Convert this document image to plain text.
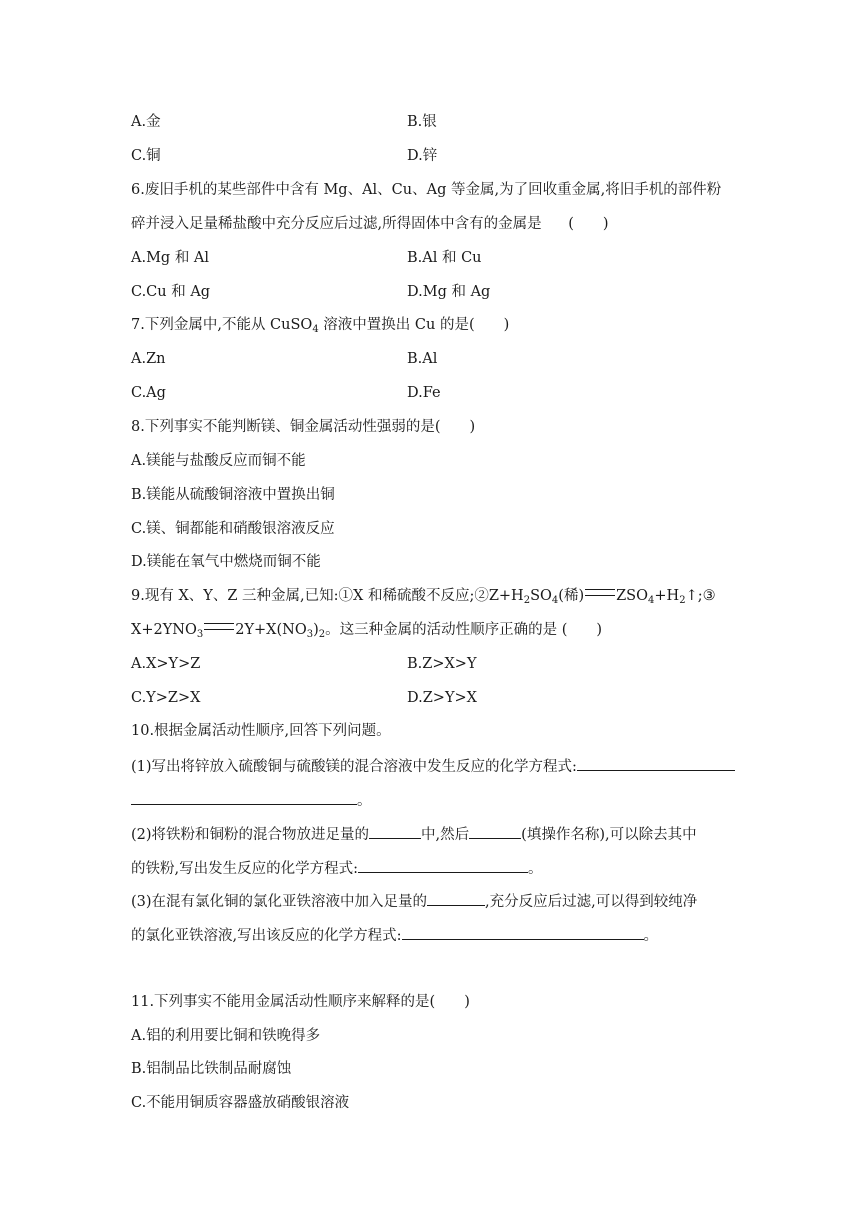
A.金	B.银
C.铜	D.锌
6.废旧手机的某些部件中含有 Mg、Al、Cu、Ag 等金属,为了回收重金属,将旧手机的部件粉
碎并浸入足量稀盐酸中充分反应后过滤,所得固体中含有的金属是 (　　)
A.Mg 和 Al	B.Al 和 Cu
C.Cu 和 Ag	D.Mg 和 Ag
7.下列金属中,不能从 CuSO$_4$ 溶液中置换出 Cu 的是(　　)
A.Zn	B.Al
C.Ag	D.Fe
8.下列事实不能判断镁、铜金属活动性强弱的是(　　)
A.镁能与盐酸反应而铜不能
B.镁能从硫酸铜溶液中置换出铜
C.镁、铜都能和硝酸银溶液反应
D.镁能在氧气中燃烧而铜不能
9.现有 X、Y、Z 三种金属,已知:①X 和稀硫酸不反应$;②Z+H_2SO_4$(稀) $ZSO_4+H_2↑;③$
$X+2YNO_3$ $2Y+X(NO_3)_2$。这三种金属的活动性顺序正确的是 (　　)
A.X>Y>Z	B.Z>X>Y
C.Y>Z>X	D.Z>Y>X
10.根据金属活动性顺序,回答下列问题。
(1)写出将锌放入硫酸铜与硫酸镁的混合溶液中发生反应的化学方程式:
。
(2)将铁粉和铜粉的混合物放进足量的	中,然后	(填操作名称),可以除去其中
的铁粉,写出发生反应的化学方程式:	。
(3)在混有氯化铜的氯化亚铁溶液中加入足量的	,充分反应后过滤,可以得到较纯净
的氯化亚铁溶液,写出该反应的化学方程式:	。
11.下列事实不能用金属活动性顺序来解释的是(　　)
A.铝的利用要比铜和铁晚得多
B.铝制品比铁制品耐腐蚀
C.不能用铜质容器盛放硝酸银溶液
